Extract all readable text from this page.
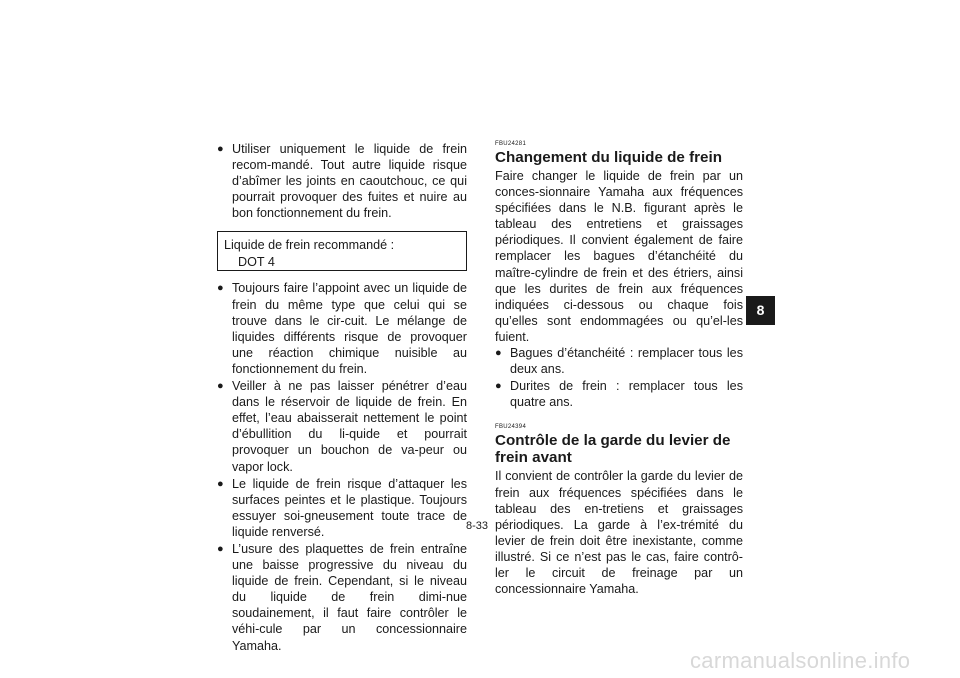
● Utiliser uniquement le liquide de frein recom-mandé. Tout autre liquide risque d’abîmer les joints en caoutchouc, ce qui pourrait provoquer des fuites et nuire au bon fonctionnement du frein.

Liquide de frein recommandé :
DOT 4

● Toujours faire l’appoint avec un liquide de frein du même type que celui qui se trouve dans le cir-cuit. Le mélange de liquides différents risque de provoquer une réaction chimique nuisible au fonctionnement du frein.

● Veiller à ne pas laisser pénétrer d’eau dans le réservoir de liquide de frein. En effet, l’eau abaisserait nettement le point d’ébullition du li-quide et pourrait provoquer un bouchon de va-peur ou vapor lock.

● Le liquide de frein risque d’attaquer les surfaces peintes et le plastique. Toujours essuyer soi-gneusement toute trace de liquide renversé.

● L’usure des plaquettes de frein entraîne une baisse progressive du niveau du liquide de frein. Cependant, si le niveau du liquide de frein dimi-nue soudainement, il faut faire contrôler le véhi-cule par un concessionnaire Yamaha.

FBU24281

Changement du liquide de frein

Faire changer le liquide de frein par un conces-sionnaire Yamaha aux fréquences spécifiées dans le N.B. figurant après le tableau des entretiens et graissages périodiques. Il convient également de faire remplacer les bagues d’étanchéité du maître-cylindre de frein et des étriers, ainsi que les durites de frein aux fréquences indiquées ci-dessous ou chaque fois qu’elles sont endommagées ou qu’el-les fuient.

● Bagues d’étanchéité : remplacer tous les deux ans.

● Durites de frein : remplacer tous les quatre ans.

FBU24394

Contrôle de la garde du levier de frein avant

Il convient de contrôler la garde du levier de frein aux fréquences spécifiées dans le tableau des en-tretiens et graissages périodiques. La garde à l’ex-trémité du levier de frein doit être inexistante, comme illustré. Si ce n’est pas le cas, faire contrô-ler le circuit de freinage par un concessionnaire Yamaha.

8-33
8
carmanualsonline.info
